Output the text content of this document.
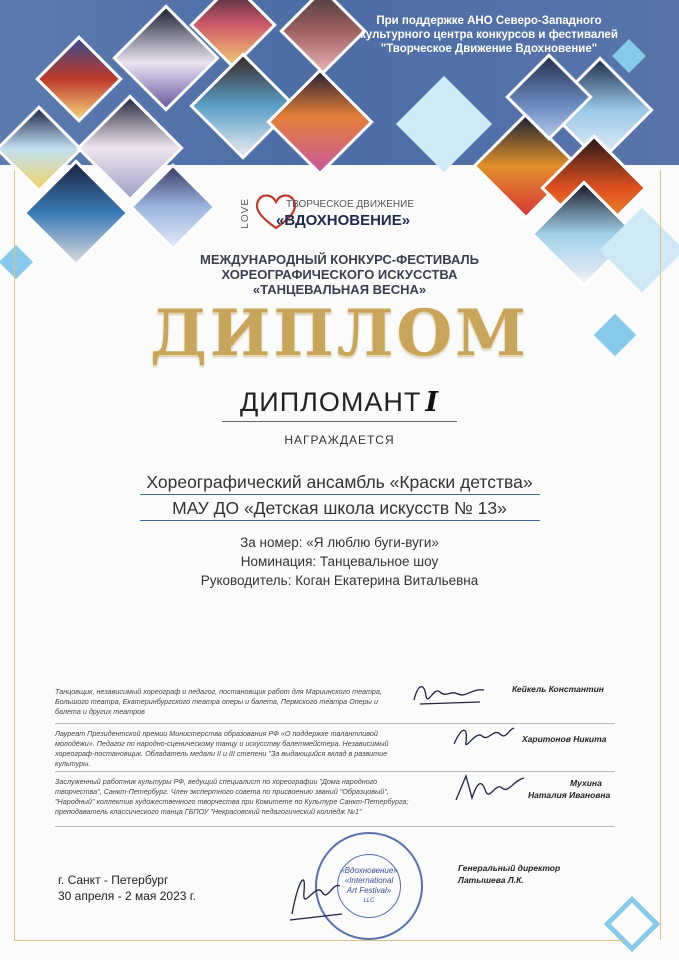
При поддержке АНО Северо-Западного
культурного центра конкурсов и фестивалей
"Творческое Движение Вдохновение"
LOVE	ТВОРЧЕСКОЕ ДВИЖЕНИЕ
«ВДОХНОВЕНИЕ»
МЕЖДУНАРОДНЫЙ КОНКУРС-ФЕСТИВАЛЬ
ХОРЕОГРАФИЧЕСКОГО ИСКУССТВА
«ТАНЦЕВАЛЬНАЯ ВЕСНА»
ДИПЛОМ
ДИПЛОМАНТ I
НАГРАЖДАЕТСЯ
Хореографический ансамбль «Краски детства»
МАУ ДО «Детская школа искусств № 13»
За номер: «Я люблю буги-вуги»
Номинация: Танцевальное шоу
Руководитель: Коган Екатерина Витальевна
Танцовщик, независимый хореограф и педагог, постановщик работ для Мариинского театра, Большого театра, Екатеринбургского театра оперы и балета, Пермского театра Оперы и балета и других театров
Кейкель Константин
Лауреат Президентской премии Министерства образования РФ «О поддержке талантливой молодёжи». Педагог по народно-сценическому танцу и искусству балетмейстера. Независимый хореограф-постановщик. Обладатель медали II и III степени "За выдающийся вклад в развитие культуры.
Харитонов Никита
Заслуженный работник культуры РФ, ведущий специалист по хореографии "Дома народного творчества", Санкт-Петербург. Член экспертного совета по присвоению званий "Образцовый", "Народный" коллектив художественного творчества при Комитете по Культуре Санкт-Петербурга; преподаватель классического танца ГБПОУ "Некрасовский педагогический колледж №1"
Мухина
Наталия Ивановна
г. Санкт - Петербург
30 апреля - 2 мая 2023 г.
«Вдохновение»
«International
Art Festival»
LLC
Генеральный директор
Латышева Л.К.
